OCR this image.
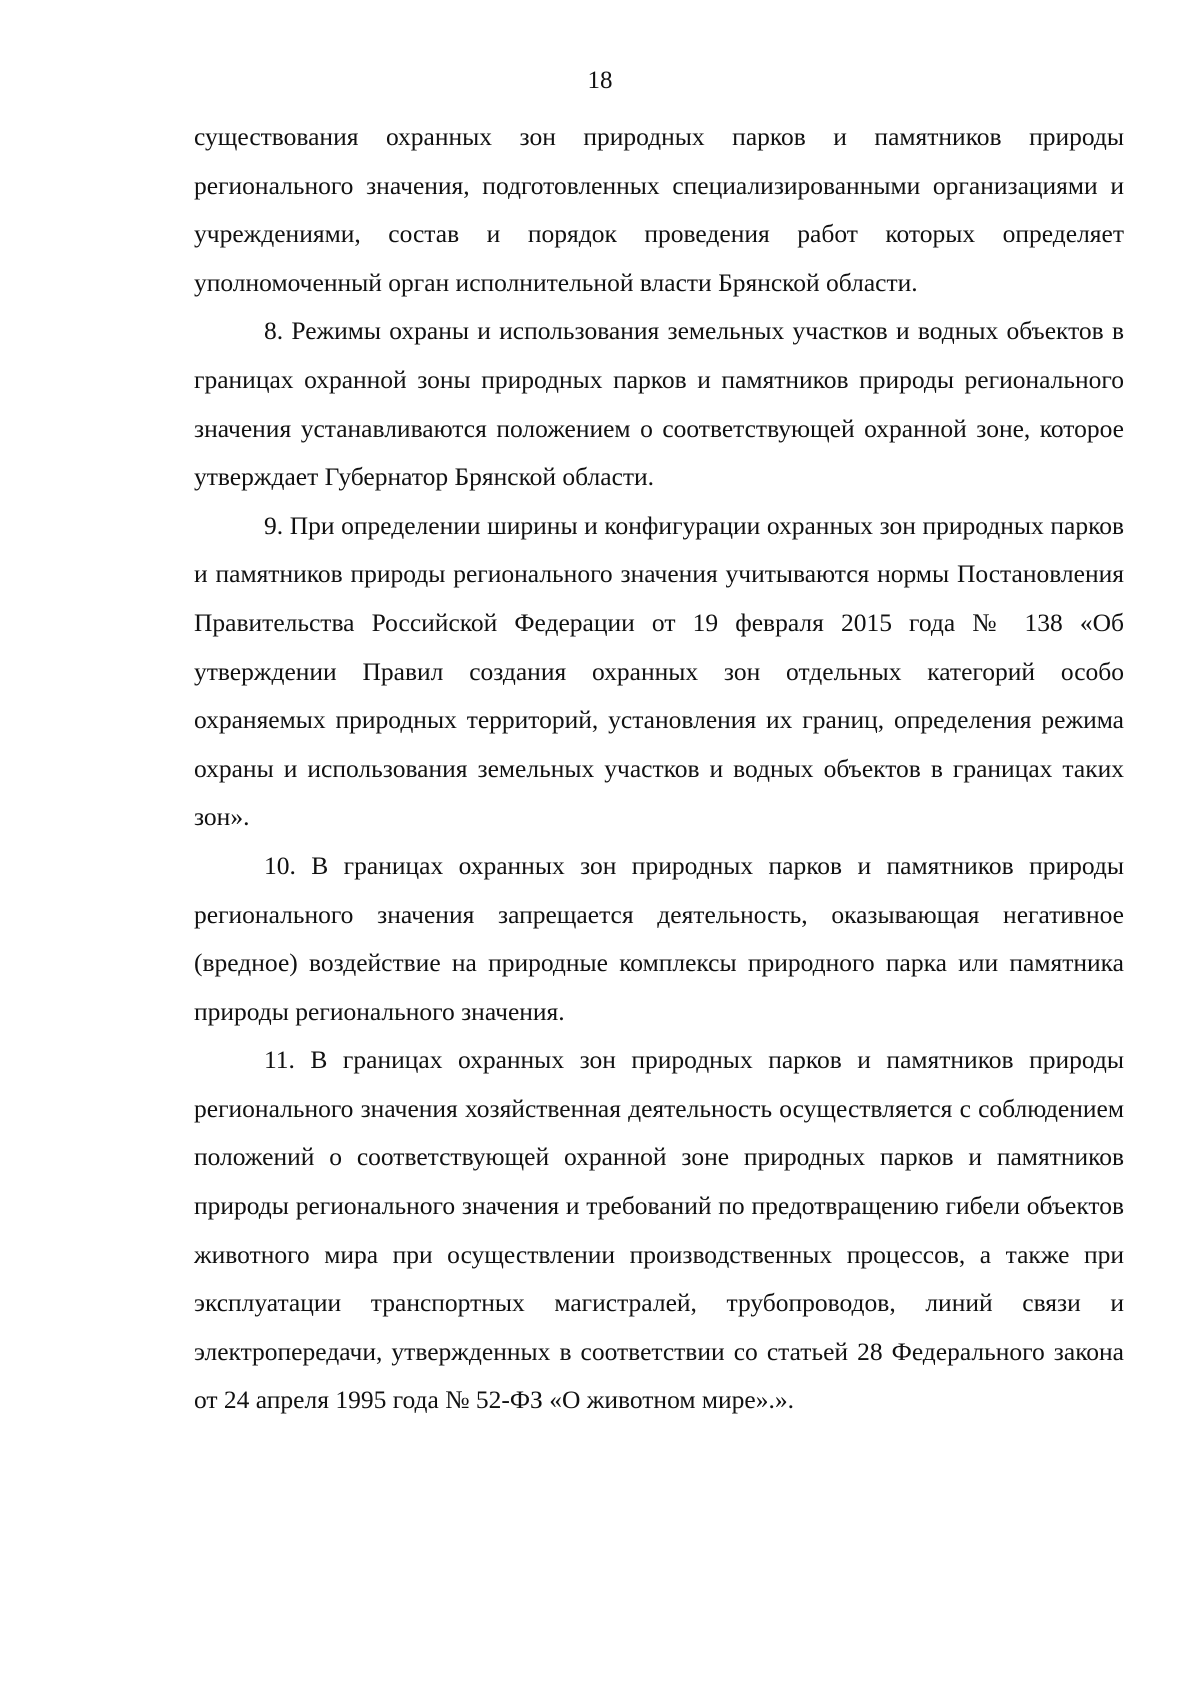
18

существования охранных зон природных парков и памятников природы регионального значения, подготовленных специализированными организациями и учреждениями, состав и порядок проведения работ которых определяет уполномоченный орган исполнительной власти Брянской области.

8. Режимы охраны и использования земельных участков и водных объектов в границах охранной зоны природных парков и памятников природы регионального значения устанавливаются положением о соответствующей охранной зоне, которое утверждает Губернатор Брянской области.

9. При определении ширины и конфигурации охранных зон природных парков и памятников природы регионального значения учитываются нормы Постановления Правительства Российской Федерации от 19 февраля 2015 года № 138 «Об утверждении Правил создания охранных зон отдельных категорий особо охраняемых природных территорий, установления их границ, определения режима охраны и использования земельных участков и водных объектов в границах таких зон».

10. В границах охранных зон природных парков и памятников природы регионального значения запрещается деятельность, оказывающая негативное (вредное) воздействие на природные комплексы природного парка или памятника природы регионального значения.

11. В границах охранных зон природных парков и памятников природы регионального значения хозяйственная деятельность осуществляется с соблюдением положений о соответствующей охранной зоне природных парков и памятников природы регионального значения и требований по предотвращению гибели объектов животного мира при осуществлении производственных процессов, а также при эксплуатации транспортных магистралей, трубопроводов, линий связи и электропередачи, утвержденных в соответствии со статьей 28 Федерального закона от 24 апреля 1995 года № 52-ФЗ «О животном мире».».
